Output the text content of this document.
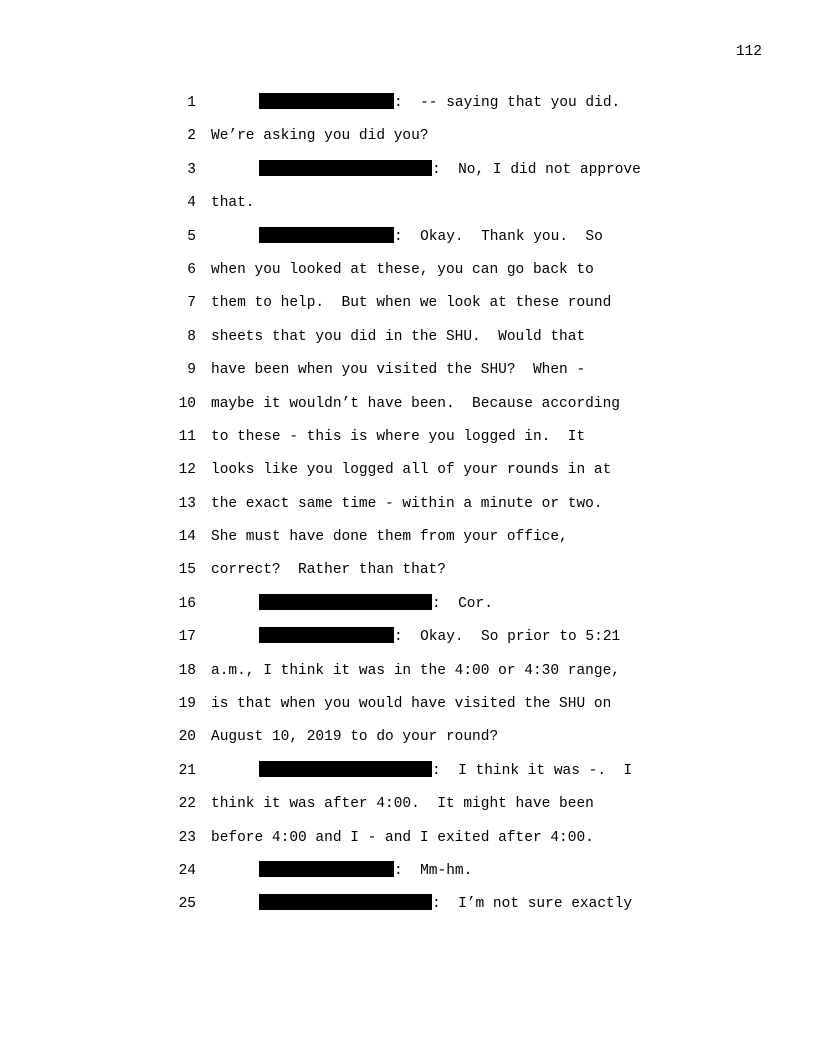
112
1	:  -- saying that you did.
2 We’re asking you did you?
3	:  No, I did not approve
4 that.
5	:  Okay.  Thank you.  So
6 when you looked at these, you can go back to
7 them to help.  But when we look at these round
8 sheets that you did in the SHU.  Would that
9 have been when you visited the SHU?  When -
10 maybe it wouldn’t have been.  Because according
11 to these - this is where you logged in.  It
12 looks like you logged all of your rounds in at
13 the exact same time - within a minute or two.
14 She must have done them from your office,
15 correct?  Rather than that?
16	:  Cor.
17	:  Okay.  So prior to 5:21
18 a.m., I think it was in the 4:00 or 4:30 range,
19 is that when you would have visited the SHU on
20 August 10, 2019 to do your round?
21	:  I think it was -.  I
22 think it was after 4:00.  It might have been
23 before 4:00 and I - and I exited after 4:00.
24	:  Mm-hm.
25	:  I’m not sure exactly
